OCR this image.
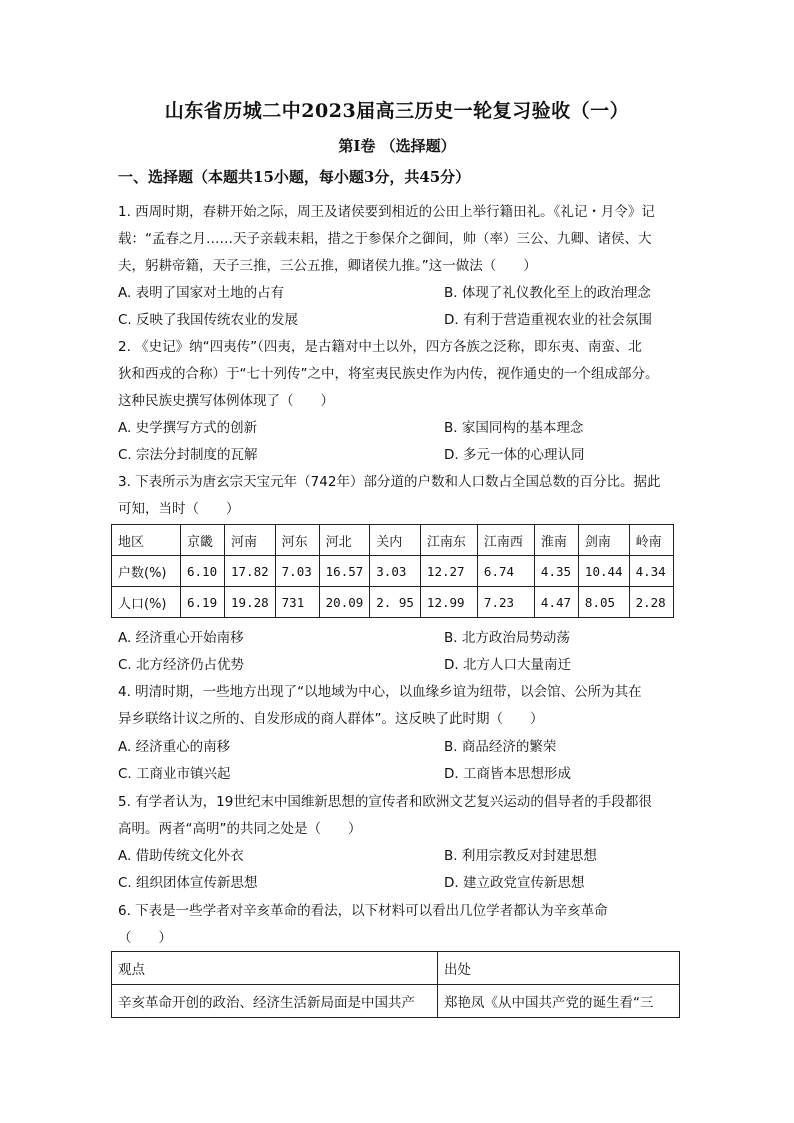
山东省历城二中2023届高三历史一轮复习验收（一）
第I卷 （选择题）
一、选择题（本题共15小题，每小题3分，共45分）
1. 西周时期，春耕开始之际，周王及诸侯要到相近的公田上举行籍田礼。《礼记・月令》记
载：“孟春之月……天子亲载耒耜，措之于参保介之御间，帅（率）三公、九卿、诸侯、大
夫，躬耕帝籍，天子三推，三公五推，卿诸侯九推。”这一做法（　　）
A. 表明了国家对土地的占有	B. 体现了礼仪教化至上的政治理念
C. 反映了我国传统农业的发展	D. 有利于营造重视农业的社会氛围
2. 《史记》纳“四夷传”（四夷，是古籍对中土以外，四方各族之泛称，即东夷、南蛮、北
狄和西戎的合称）于“七十列传”之中，将室夷民族史作为内传，视作通史的一个组成部分。
这种民族史撰写体例体现了（　　）
A. 史学撰写方式的创新	B. 家国同构的基本理念
C. 宗法分封制度的瓦解	D. 多元一体的心理认同
3. 下表所示为唐玄宗天宝元年（742年）部分道的户数和人口数占全国总数的百分比。据此
可知，当时（　　）
地区	京畿	河南	河东	河北	关内	江南东	江南西	淮南	剑南	岭南
户数(%)	6.10	17.82	7.03	16.57	3.03	12.27	6.74	4.35	10.44	4.34
人口(%)	6.19	19.28	731	20.09	2. 95	12.99	7.23	4.47	8.05	2.28
A. 经济重心开始南移	B. 北方政治局势动荡
C. 北方经济仍占优势	D. 北方人口大量南迁
4. 明清时期，一些地方出现了“以地域为中心，以血缘乡谊为纽带，以会馆、公所为其在
异乡联络计议之所的、自发形成的商人群体”。这反映了此时期（　　）
A. 经济重心的南移	B. 商品经济的繁荣
C. 工商业市镇兴起	D. 工商皆本思想形成
5. 有学者认为，19世纪末中国维新思想的宣传者和欧洲文艺复兴运动的倡导者的手段都很
高明。两者“高明”的共同之处是（　　）
A. 借助传统文化外衣	B. 利用宗教反对封建思想
C. 组织团体宣传新思想	D. 建立政党宣传新思想
6. 下表是一些学者对辛亥革命的看法，以下材料可以看出几位学者都认为辛亥革命
（　　）
观点	出处
辛亥革命开创的政治、经济生活新局面是中国共产	郑艳凤《从中国共产党的诞生看“三
